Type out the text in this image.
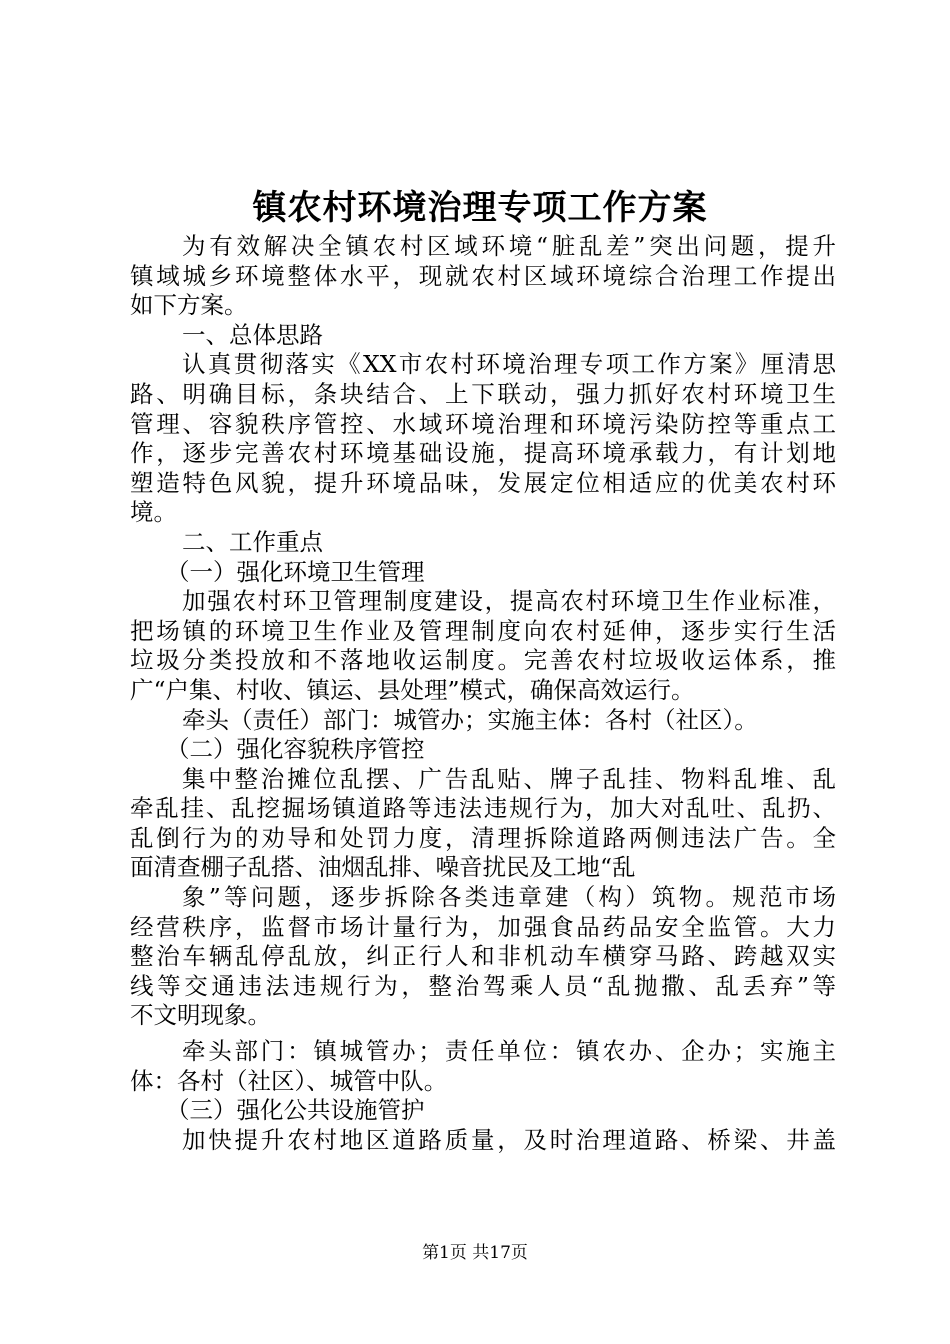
镇农村环境治理专项工作方案
为有效解决全镇农村区域环境“脏乱差”突出问题，提升
镇域城乡环境整体水平，现就农村区域环境综合治理工作提出
如下方案。
一、总体思路
认真贯彻落实《XX市农村环境治理专项工作方案》厘清思
路、明确目标，条块结合、上下联动，强力抓好农村环境卫生
管理、容貌秩序管控、水域环境治理和环境污染防控等重点工
作，逐步完善农村环境基础设施，提高环境承载力，有计划地
塑造特色风貌，提升环境品味，发展定位相适应的优美农村环
境。
二、工作重点
（一）强化环境卫生管理
加强农村环卫管理制度建设，提高农村环境卫生作业标准，
把场镇的环境卫生作业及管理制度向农村延伸，逐步实行生活
垃圾分类投放和不落地收运制度。完善农村垃圾收运体系，推
广“户集、村收、镇运、县处理”模式，确保高效运行。
牵头（责任）部门：城管办；实施主体：各村（社区）。
（二）强化容貌秩序管控
集中整治摊位乱摆、广告乱贴、牌子乱挂、物料乱堆、乱
牵乱挂、乱挖掘场镇道路等违法违规行为，加大对乱吐、乱扔、
乱倒行为的劝导和处罚力度，清理拆除道路两侧违法广告。全
面清查棚子乱搭、油烟乱排、噪音扰民及工地“乱
象”等问题，逐步拆除各类违章建（构）筑物。规范市场
经营秩序，监督市场计量行为，加强食品药品安全监管。大力
整治车辆乱停乱放，纠正行人和非机动车横穿马路、跨越双实
线等交通违法违规行为，整治驾乘人员“乱抛撒、乱丢弃”等
不文明现象。
牵头部门：镇城管办；责任单位：镇农办、企办；实施主
体：各村（社区）、城管中队。
（三）强化公共设施管护
加快提升农村地区道路质量，及时治理道路、桥梁、井盖
第1页 共17页
